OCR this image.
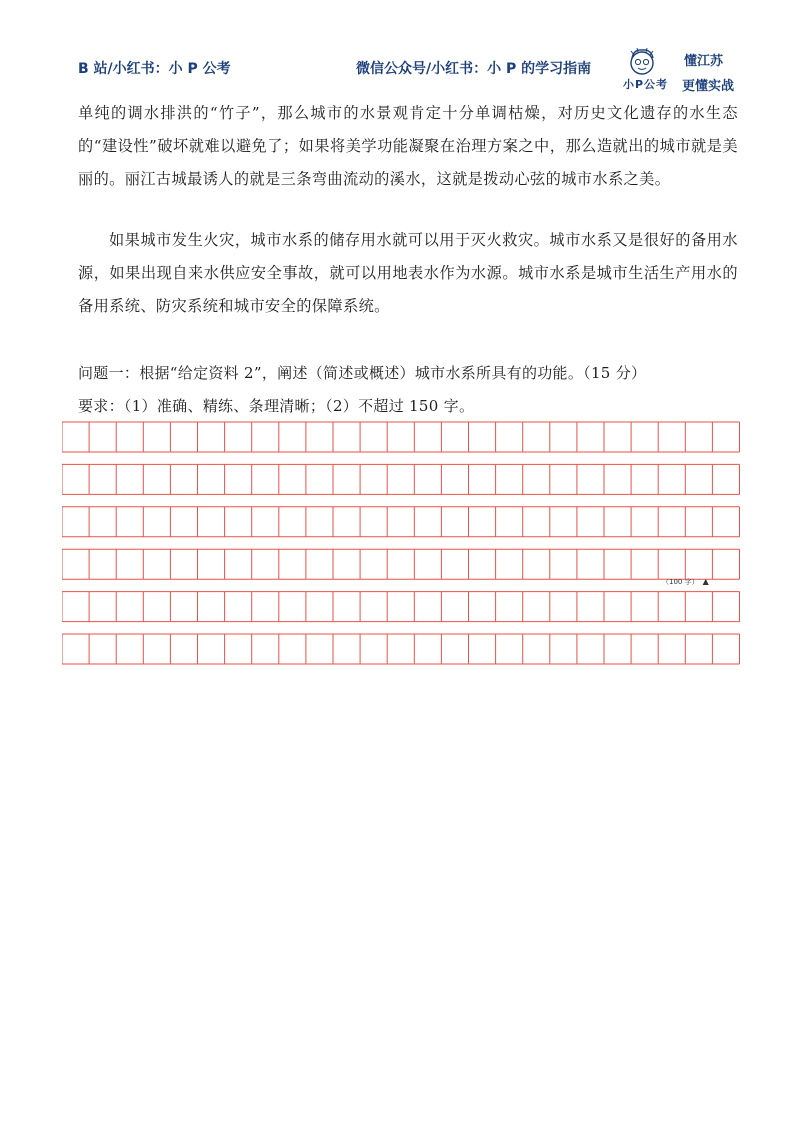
B 站/小红书：小 P 公考	微信公众号/小红书：小 P 的学习指南	懂江苏
小P公考 更懂实战

单纯的调水排洪的“竹子”，那么城市的水景观肯定十分单调枯燥，对历史文化遗存的水生态的“建设性”破坏就难以避免了；如果将美学功能凝聚在治理方案之中，那么造就出的城市就是美丽的。丽江古城最诱人的就是三条弯曲流动的溪水，这就是拨动心弦的城市水系之美。

如果城市发生火灾，城市水系的储存用水就可以用于灭火救灾。城市水系又是很好的备用水源，如果出现自来水供应安全事故，就可以用地表水作为水源。城市水系是城市生活生产用水的备用系统、防灾系统和城市安全的保障系统。

问题一：根据“给定资料 2”，阐述（简述或概述）城市水系所具有的功能。（15 分）
要求：（1）准确、精练、条理清晰；（2）不超过 150 字。
（100 字） ▲
